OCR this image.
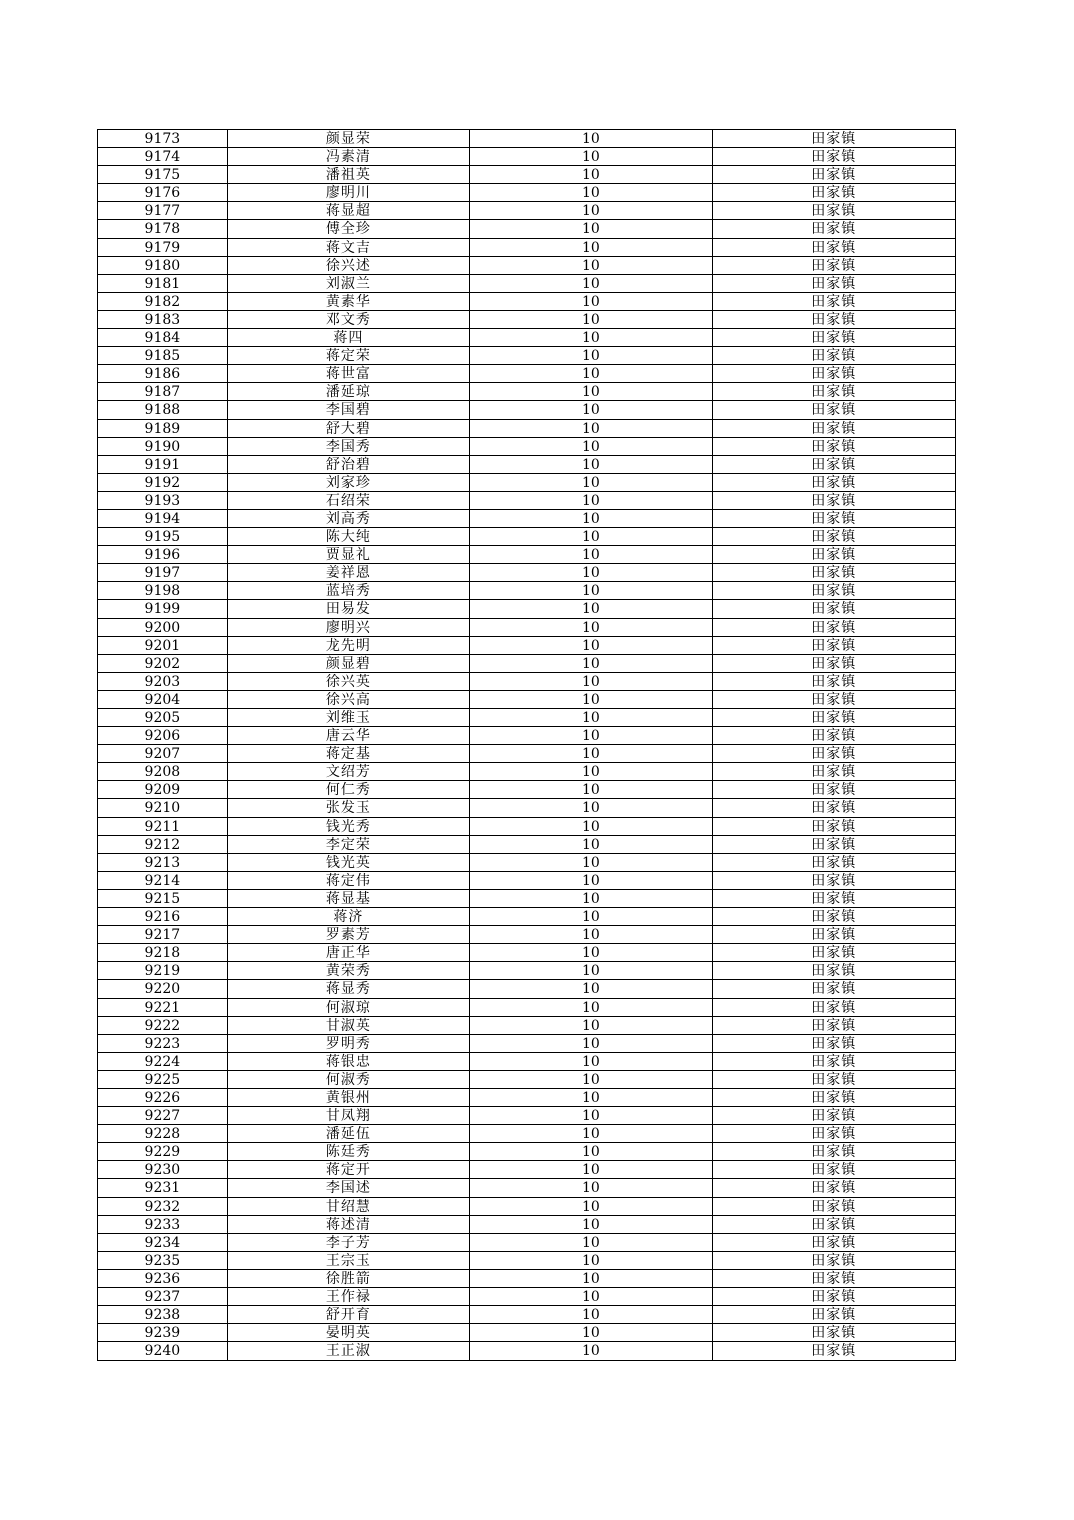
9173	颜显荣	10	田家镇
9174	冯素清	10	田家镇
9175	潘祖英	10	田家镇
9176	廖明川	10	田家镇
9177	蒋显超	10	田家镇
9178	傅全珍	10	田家镇
9179	蒋文吉	10	田家镇
9180	徐兴述	10	田家镇
9181	刘淑兰	10	田家镇
9182	黄素华	10	田家镇
9183	邓文秀	10	田家镇
9184	蒋四	10	田家镇
9185	蒋定荣	10	田家镇
9186	蒋世富	10	田家镇
9187	潘延琼	10	田家镇
9188	李国碧	10	田家镇
9189	舒大碧	10	田家镇
9190	李国秀	10	田家镇
9191	舒治碧	10	田家镇
9192	刘家珍	10	田家镇
9193	石绍荣	10	田家镇
9194	刘高秀	10	田家镇
9195	陈大纯	10	田家镇
9196	贾显礼	10	田家镇
9197	姜祥恩	10	田家镇
9198	蓝培秀	10	田家镇
9199	田易发	10	田家镇
9200	廖明兴	10	田家镇
9201	龙先明	10	田家镇
9202	颜显碧	10	田家镇
9203	徐兴英	10	田家镇
9204	徐兴高	10	田家镇
9205	刘维玉	10	田家镇
9206	唐云华	10	田家镇
9207	蒋定基	10	田家镇
9208	文绍芳	10	田家镇
9209	何仁秀	10	田家镇
9210	张发玉	10	田家镇
9211	钱光秀	10	田家镇
9212	李定荣	10	田家镇
9213	钱光英	10	田家镇
9214	蒋定伟	10	田家镇
9215	蒋显基	10	田家镇
9216	蒋济	10	田家镇
9217	罗素芳	10	田家镇
9218	唐正华	10	田家镇
9219	黄荣秀	10	田家镇
9220	蒋显秀	10	田家镇
9221	何淑琼	10	田家镇
9222	甘淑英	10	田家镇
9223	罗明秀	10	田家镇
9224	蒋银忠	10	田家镇
9225	何淑秀	10	田家镇
9226	黄银州	10	田家镇
9227	甘凤翔	10	田家镇
9228	潘延伍	10	田家镇
9229	陈廷秀	10	田家镇
9230	蒋定开	10	田家镇
9231	李国述	10	田家镇
9232	甘绍慧	10	田家镇
9233	蒋述清	10	田家镇
9234	李子芳	10	田家镇
9235	王宗玉	10	田家镇
9236	徐胜箭	10	田家镇
9237	王作禄	10	田家镇
9238	舒开育	10	田家镇
9239	晏明英	10	田家镇
9240	王正淑	10	田家镇
